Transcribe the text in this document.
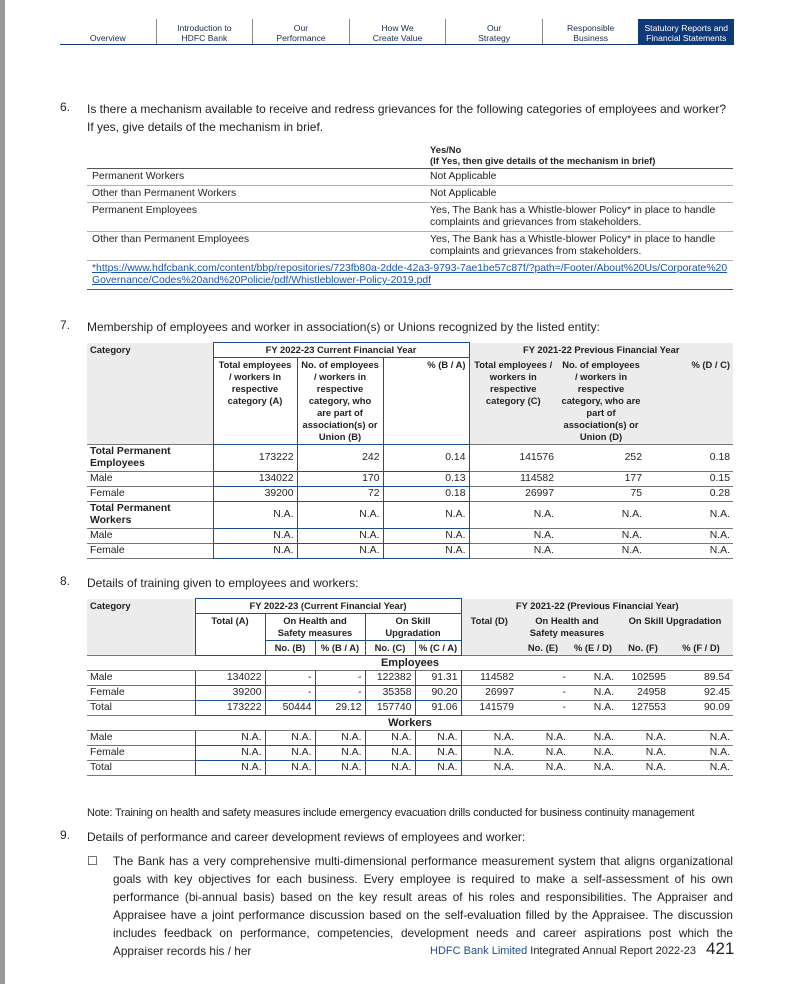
Overview
Introduction to
HDFC Bank
Our
Performance
How We
Create Value
Our
Strategy
Responsible
Business
Statutory Reports and
Financial Statements
6. Is there a mechanism available to receive and redress grievances for the following categories of employees and worker? If yes, give details of the mechanism in brief.

	Yes/No
(If Yes, then give details of the mechanism in brief)

Permanent Workers	Not Applicable
Other than Permanent Workers	Not Applicable
Permanent Employees	Yes, The Bank has a Whistle-blower Policy* in place to handle complaints and grievances from stakeholders.
Other than Permanent Employees	Yes, The Bank has a Whistle-blower Policy* in place to handle complaints and grievances from stakeholders.
*https://www.hdfcbank.com/content/bbp/repositories/723fb80a-2dde-42a3-9793-7ae1be57c87f/?path=/Footer/About%20Us/Corporate%20Governance/Codes%20and%20Policie/pdf/Whistleblower-Policy-2019.pdf	
7. Membership of employees and worker in association(s) or Unions recognized by the listed entity:
Category	FY 2022-23 Current Financial Year			FY 2021-22 Previous Financial Year		
	Total employees / workers in respective category (A)	No. of employees / workers in respective category, who are part of association(s) or Union (B)	% (B / A)	Total employees / workers in respective category (C)	No. of employees / workers in respective category, who are part of association(s) or Union (D)	% (D / C)
Total Permanent Employees	173222	242	0.14	141576	252	0.18
Male	134022	170	0.13	114582	177	0.15
Female	39200	72	0.18	26997	75	0.28
Total Permanent Workers	N.A.	N.A.	N.A.	N.A.	N.A.	N.A.
Male	N.A.	N.A.	N.A.	N.A.	N.A.	N.A.
Female	N.A.	N.A.	N.A.	N.A.	N.A.	N.A.
8. Details of training given to employees and workers:
Category	FY 2022-23 (Current Financial Year)					FY 2021-22 (Previous Financial Year)				
	Total (A)	On Health and Safety measures		On Skill Upgradation		Total (D)	On Health and Safety measures		On Skill Upgradation	
		No. (B)	% (B / A)	No. (C)	% (C / A)		No. (E)	% (E / D)	No. (F)	% (F / D)
Employees										
Male	134022	-	-	122382	91.31	114582	-	N.A.	102595	89.54
Female	39200	-	-	35358	90.20	26997	-	N.A.	24958	92.45
Total	173222	50444	29.12	157740	91.06	141579	-	N.A.	127553	90.09
Workers										
Male	N.A.	N.A.	N.A.	N.A.	N.A.	N.A.	N.A.	N.A.	N.A.	N.A.
Female	N.A.	N.A.	N.A.	N.A.	N.A.	N.A.	N.A.	N.A.	N.A.	N.A.
Total	N.A.	N.A.	N.A.	N.A.	N.A.	N.A.	N.A.	N.A.	N.A.	N.A.
Note: Training on health and safety measures include emergency evacuation drills conducted for business continuity management
9. Details of performance and career development reviews of employees and worker:
☐ The Bank has a very comprehensive multi-dimensional performance measurement system that aligns organizational goals with key objectives for each business. Every employee is required to make a self-assessment of his own performance (bi-annual basis) based on the key result areas of his roles and responsibilities. The Appraiser and Appraisee have a joint performance discussion based on the self-evaluation filled by the Appraisee. The discussion includes feedback on performance, competencies, development needs and career aspirations post which the Appraiser records his / her	HDFC Bank Limited Integrated Annual Report 2022-23 421
